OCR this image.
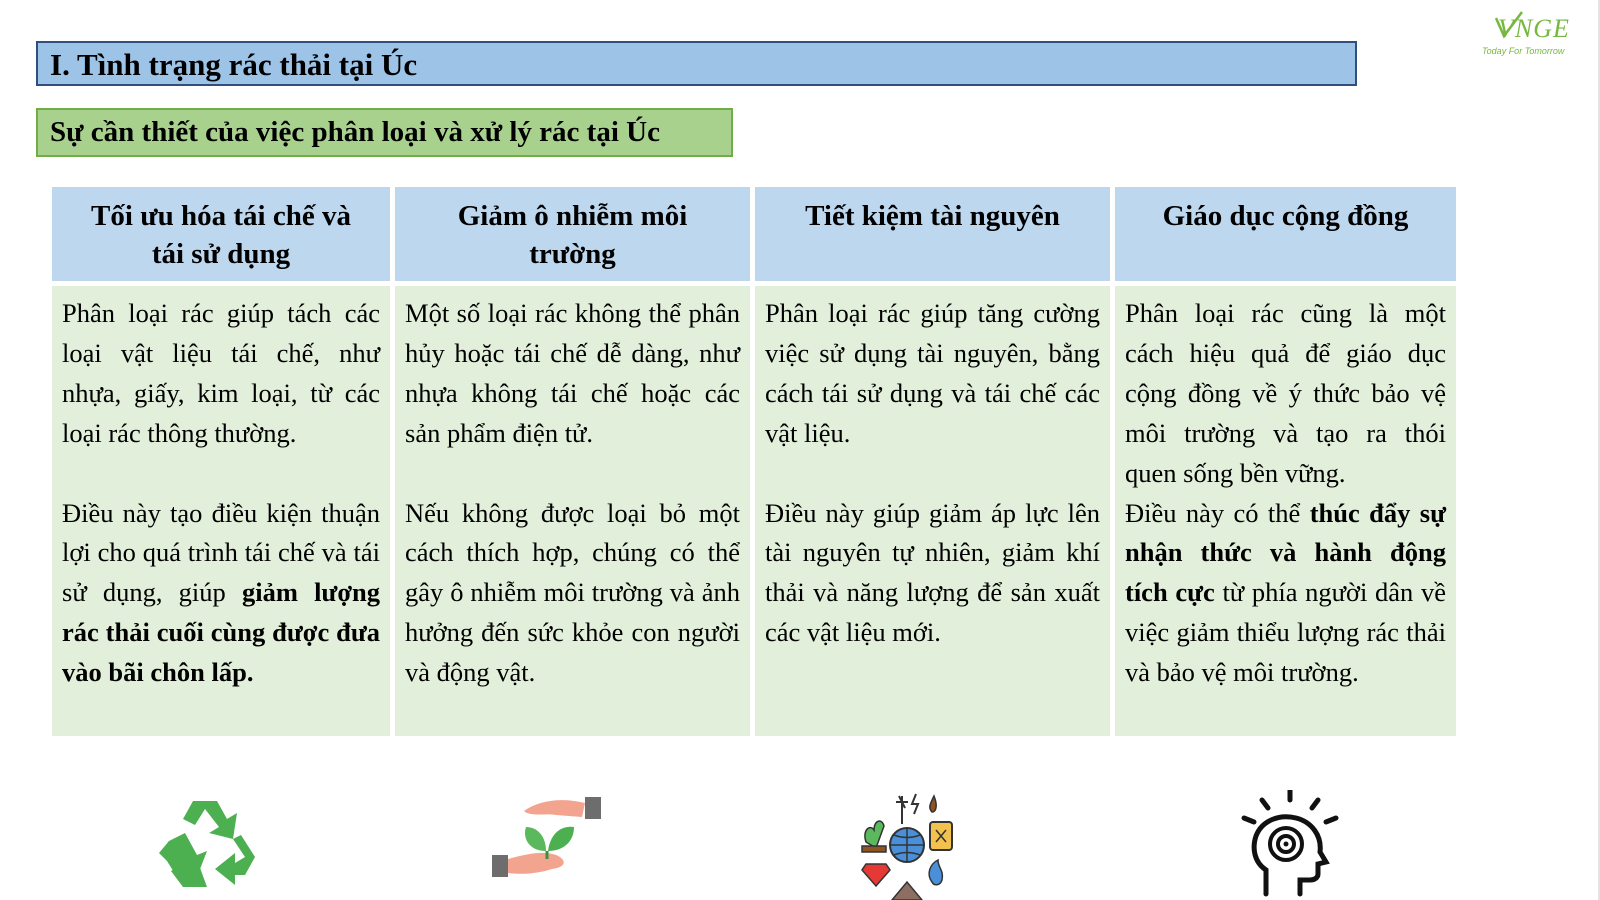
VNGE
Today For Tomorrow
I. Tình trạng rác thải tại Úc
Sự cần thiết của việc phân loại và xử lý rác tại Úc
Tối ưu hóa tái chế và tái sử dụng

Phân loại rác giúp tách các loại vật liệu tái chế, như nhựa, giấy, kim loại, từ các loại rác thông thường.

Điều này tạo điều kiện thuận lợi cho quá trình tái chế và tái sử dụng, giúp giảm lượng rác thải cuối cùng được đưa vào bãi chôn lấp.

Giảm ô nhiễm môi trường

Một số loại rác không thể phân hủy hoặc tái chế dễ dàng, như nhựa không tái chế hoặc các sản phẩm điện tử.

Nếu không được loại bỏ một cách thích hợp, chúng có thể gây ô nhiễm môi trường và ảnh hưởng đến sức khỏe con người và động vật.

Tiết kiệm tài nguyên

Phân loại rác giúp tăng cường việc sử dụng tài nguyên, bằng cách tái sử dụng và tái chế các vật liệu.

Điều này giúp giảm áp lực lên tài nguyên tự nhiên, giảm khí thải và năng lượng để sản xuất các vật liệu mới.

Giáo dục cộng đồng

Phân loại rác cũng là một cách hiệu quả để giáo dục cộng đồng về ý thức bảo vệ môi trường và tạo ra thói quen sống bền vững.

Điều này có thể thúc đẩy sự nhận thức và hành động tích cực từ phía người dân về việc giảm thiểu lượng rác thải và bảo vệ môi trường.
